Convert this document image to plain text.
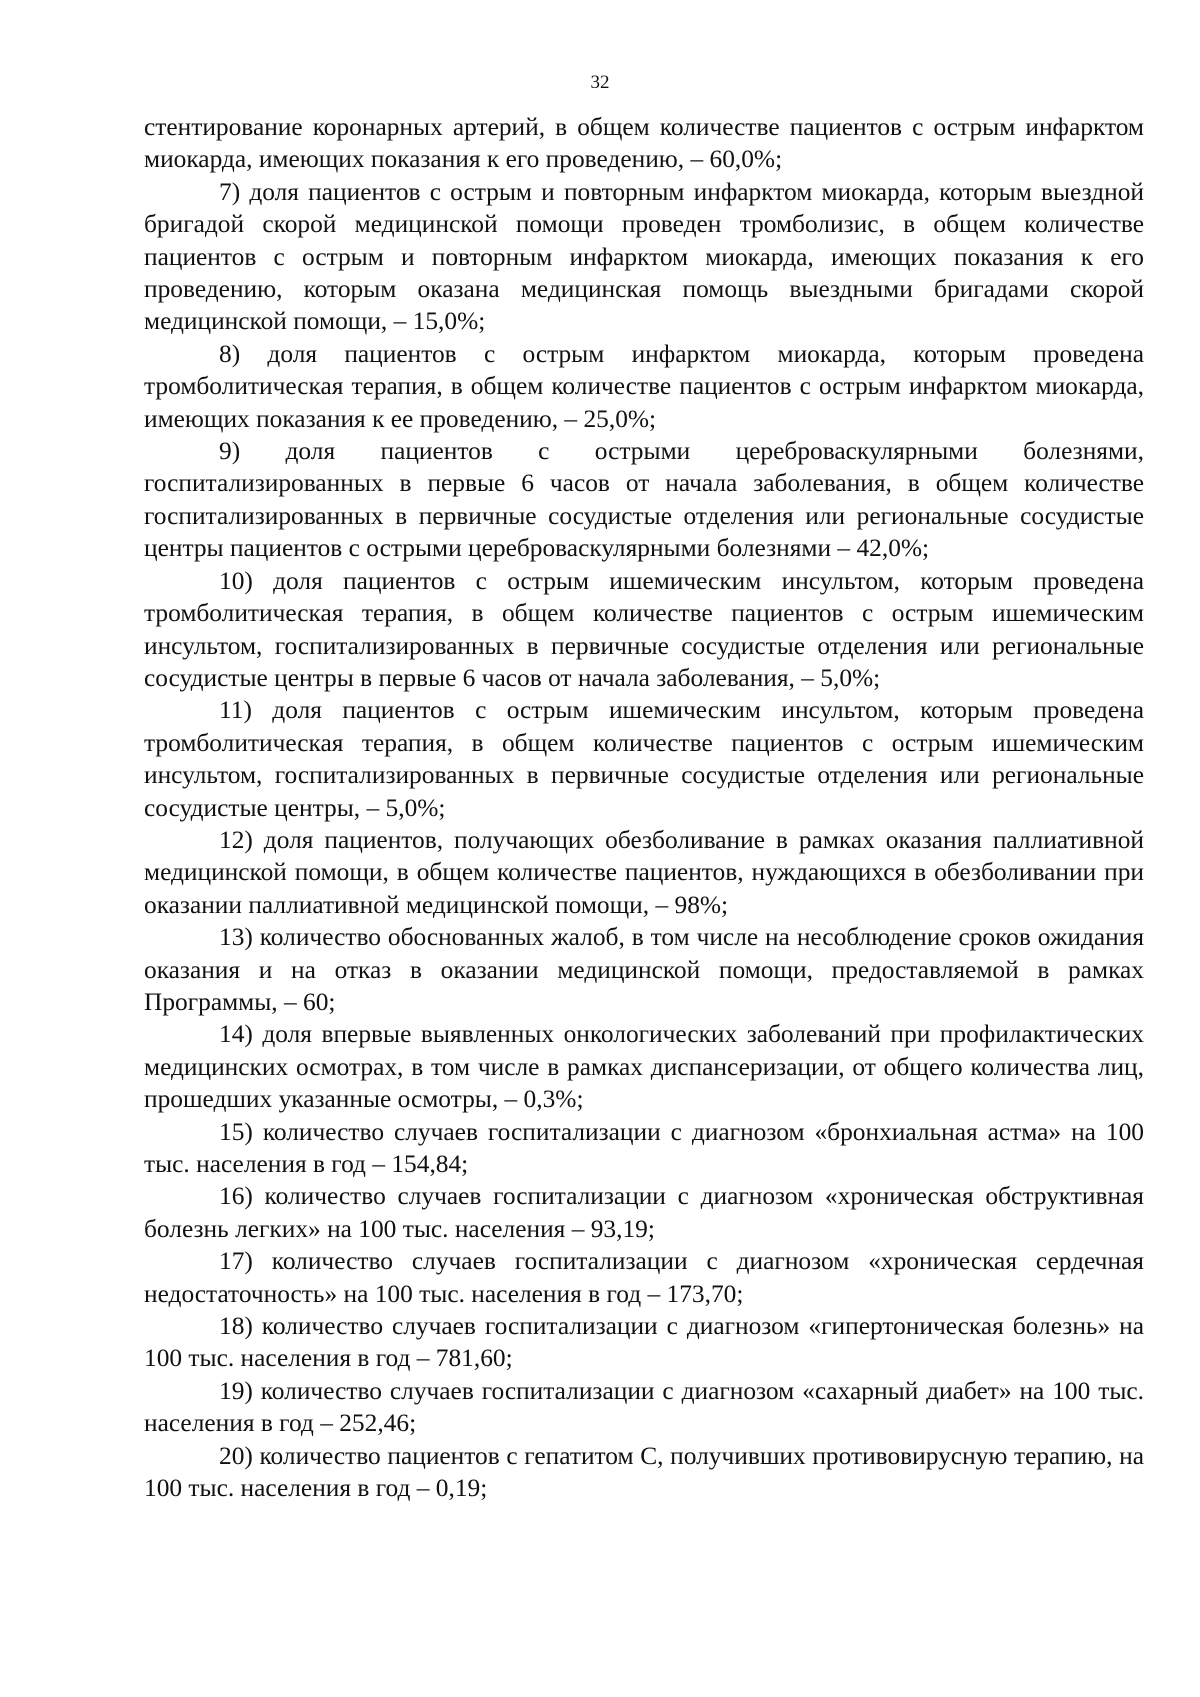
32

стентирование коронарных артерий, в общем количестве пациентов с острым инфарктом миокарда, имеющих показания к его проведению, – 60,0%;

7) доля пациентов с острым и повторным инфарктом миокарда, которым выездной бригадой скорой медицинской помощи проведен тромболизис, в общем количестве пациентов с острым и повторным инфарктом миокарда, имеющих показания к его проведению, которым оказана медицинская помощь выездными бригадами скорой медицинской помощи, – 15,0%;

8) доля пациентов с острым инфарктом миокарда, которым проведена тромболитическая терапия, в общем количестве пациентов с острым инфарктом миокарда, имеющих показания к ее проведению, – 25,0%;

9) доля пациентов с острыми цереброваскулярными болезнями, госпитализированных в первые 6 часов от начала заболевания, в общем количестве госпитализированных в первичные сосудистые отделения или региональные сосудистые центры пациентов с острыми цереброваскулярными болезнями – 42,0%;

10) доля пациентов с острым ишемическим инсультом, которым проведена тромболитическая терапия, в общем количестве пациентов с острым ишемическим инсультом, госпитализированных в первичные сосудистые отделения или региональные сосудистые центры в первые 6 часов от начала заболевания, – 5,0%;

11) доля пациентов с острым ишемическим инсультом, которым проведена тромболитическая терапия, в общем количестве пациентов с острым ишемическим инсультом, госпитализированных в первичные сосудистые отделения или региональные сосудистые центры, – 5,0%;

12) доля пациентов, получающих обезболивание в рамках оказания паллиативной медицинской помощи, в общем количестве пациентов, нуждающихся в обезболивании при оказании паллиативной медицинской помощи, – 98%;

13) количество обоснованных жалоб, в том числе на несоблюдение сроков ожидания оказания и на отказ в оказании медицинской помощи, предоставляемой в рамках Программы, – 60;

14) доля впервые выявленных онкологических заболеваний при профилактических медицинских осмотрах, в том числе в рамках диспансеризации, от общего количества лиц, прошедших указанные осмотры, – 0,3%;

15) количество случаев госпитализации с диагнозом «бронхиальная астма» на 100 тыс. населения в год – 154,84;

16) количество случаев госпитализации с диагнозом «хроническая обструктивная болезнь легких» на 100 тыс. населения – 93,19;

17) количество случаев госпитализации с диагнозом «хроническая сердечная недостаточность» на 100 тыс. населения в год – 173,70;

18) количество случаев госпитализации с диагнозом «гипертоническая болезнь» на 100 тыс. населения в год – 781,60;

19) количество случаев госпитализации с диагнозом «сахарный диабет» на 100 тыс. населения в год – 252,46;

20) количество пациентов с гепатитом С, получивших противовирусную терапию, на 100 тыс. населения в год – 0,19;
